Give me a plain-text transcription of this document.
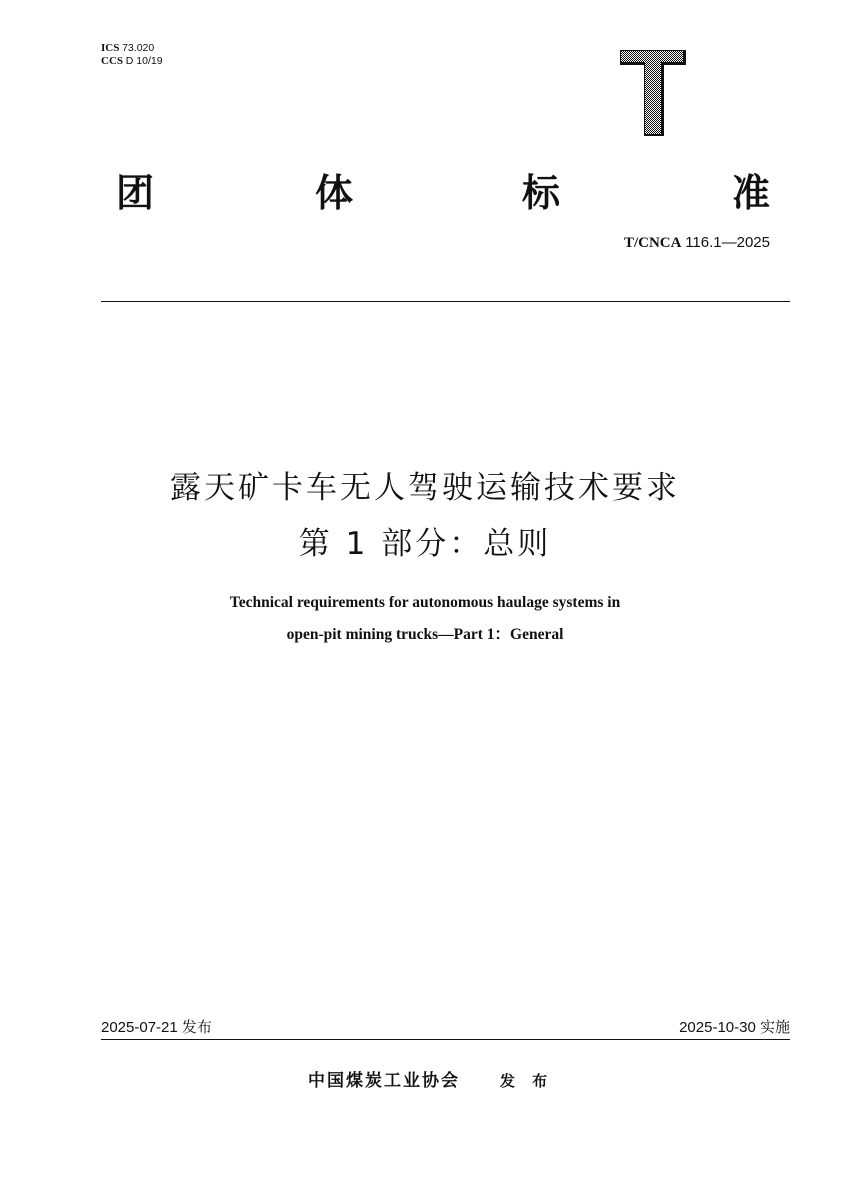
ICS 73.020
CCS D 10/19
团	体	标	准
T/CNCA 116.1—2025
露天矿卡车无人驾驶运输技术要求
第 1 部分：总则
Technical requirements for autonomous haulage systems in
open-pit mining trucks—Part 1：General
2025-07-21 发布	2025-10-30 实施
中国煤炭工业协会	发 布
